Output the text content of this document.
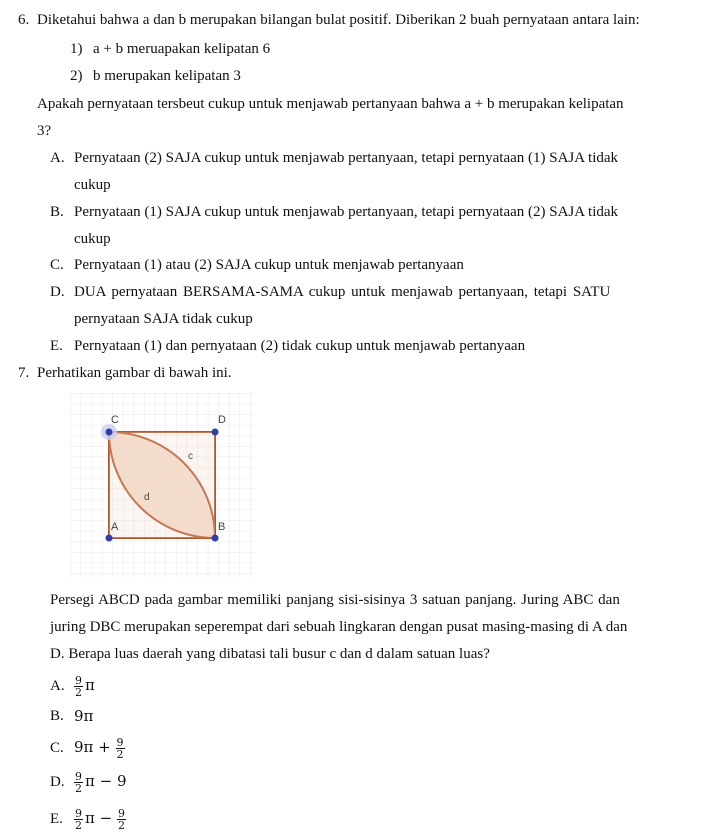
6. Diketahui bahwa a dan b merupakan bilangan bulat positif. Diberikan 2 buah pernyataan antara lain:
1) a + b meruapakan kelipatan 6
2) b merupakan kelipatan 3
Apakah pernyataan tersbeut cukup untuk menjawab pertanyaan bahwa a + b merupakan kelipatan
3?
A. Pernyataan (2) SAJA cukup untuk menjawab pertanyaan, tetapi pernyataan (1) SAJA tidak
cukup
B. Pernyataan (1) SAJA cukup untuk menjawab pertanyaan, tetapi pernyataan (2) SAJA tidak
cukup
C. Pernyataan (1) atau (2) SAJA cukup untuk menjawab pertanyaan
D. DUA pernyataan BERSAMA-SAMA cukup untuk menjawab pertanyaan, tetapi SATU
pernyataan SAJA tidak cukup
E. Pernyataan (1) dan pernyataan (2) tidak cukup untuk menjawab pertanyaan
7. Perhatikan gambar di bawah ini.
C	D
A	B
c
d
Persegi ABCD pada gambar memiliki panjang sisi-sisinya 3 satuan panjang. Juring ABC dan
juring DBC merupakan seperempat dari sebuah lingkaran dengan pusat masing-masing di A dan
D. Berapa luas daerah yang dibatasi tali busur c dan d dalam satuan luas?
A. $\frac{9}{2}$ π
B. 9π
C. $9\pi + \frac{9}{2}$
D. $\frac{9}{2}$ π − 9
E. $\frac{9}{2}$ $\pi - \frac{9}{2}$
